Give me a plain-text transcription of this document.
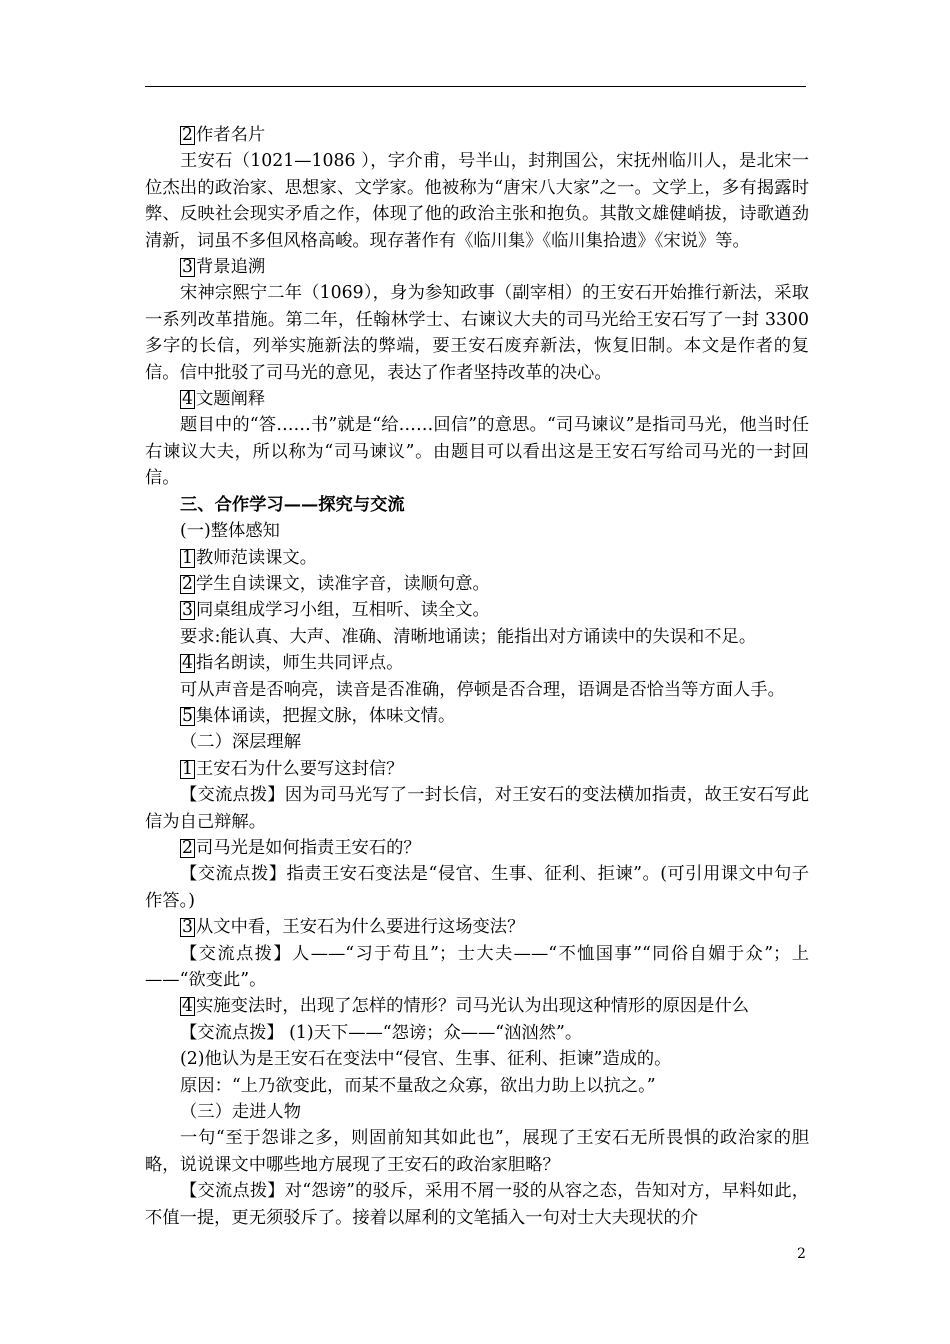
2 作者名片

王安石（1021—1086 ），字介甫，号半山，封荆国公，宋抚州临川人，是北宋一位杰出的政治家、思想家、文学家。他被称为“唐宋八大家”之一。文学上，多有揭露时弊、反映社会现实矛盾之作，体现了他的政治主张和抱负。其散文雄健峭拔，诗歌遒劲清新，词虽不多但风格高峻。现存著作有《临川集》《临川集拾遗》《宋说》等。

3 背景追溯

宋神宗熙宁二年（1069），身为参知政事（副宰相）的王安石开始推行新法，采取一系列改革措施。第二年，任翰林学士、右谏议大夫的司马光给王安石写了一封 3300 多字的长信，列举实施新法的弊端，要王安石废弃新法，恢复旧制。本文是作者的复信。信中批驳了司马光的意见，表达了作者坚持改革的决心。

4 文题阐释

题目中的“答……书”就是“给……回信”的意思。“司马谏议”是指司马光，他当时任右谏议大夫，所以称为“司马谏议”。由题目可以看出这是王安石写给司马光的一封回信。

三、合作学习——探究与交流

(一)整体感知

1 教师范读课文。

2 学生自读课文，读准字音，读顺句意。

3 同桌组成学习小组，互相听、读全文。

要求:能认真、大声、准确、清晰地诵读；能指出对方诵读中的失误和不足。

4 指名朗读，师生共同评点。

可从声音是否响亮，读音是否准确，停顿是否合理，语调是否恰当等方面人手。

5 集体诵读，把握文脉，体味文情。

（二）深层理解

1 王安石为什么要写这封信？

【交流点拨】因为司马光写了一封长信，对王安石的变法横加指责，故王安石写此信为自己辩解。

2 司马光是如何指责王安石的？

【交流点拨】指责王安石变法是“侵官、生事、征利、拒谏”。(可引用课文中句子作答。)

3 从文中看，王安石为什么要进行这场变法？

【交流点拨】人——“习于苟且”；士大夫——“不恤国事”“同俗自媚于众”；上——“欲变此”。

4 实施变法时，出现了怎样的情形？司马光认为出现这种情形的原因是什么

【交流点拨】 (1)天下——“怨谤；众——“汹汹然”。

(2)他认为是王安石在变法中“侵官、生事、征利、拒谏”造成的。

原因：“上乃欲变此，而某不量敌之众寡，欲出力助上以抗之。”

（三）走进人物

一句“至于怨诽之多，则固前知其如此也”，展现了王安石无所畏惧的政治家的胆略，说说课文中哪些地方展现了王安石的政治家胆略？

【交流点拨】对“怨谤”的驳斥，采用不屑一驳的从容之态，告知对方，早料如此，不值一提，更无须驳斥了。接着以犀利的文笔插入一句对士大夫现状的介

2
